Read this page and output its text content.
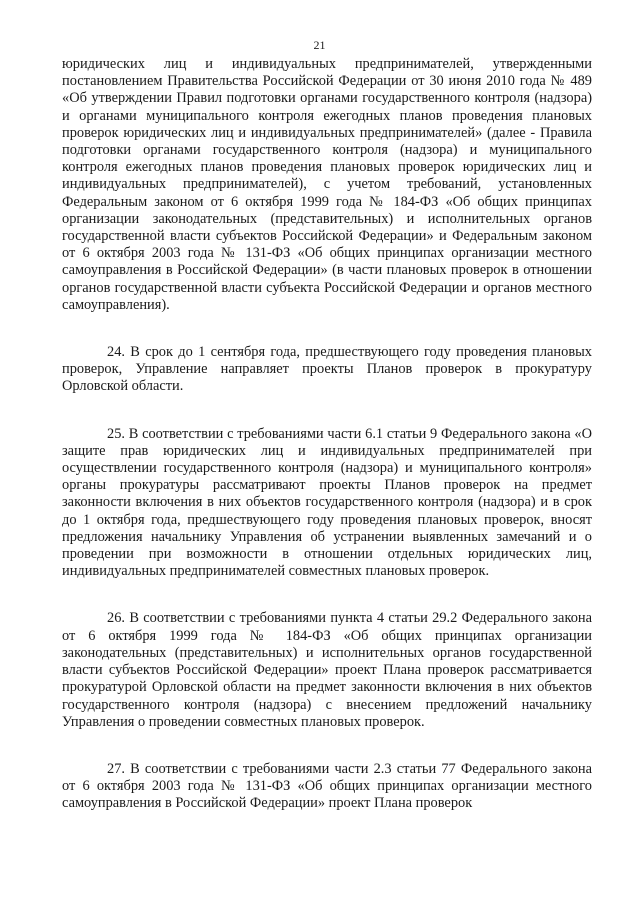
21

юридических лиц и индивидуальных предпринимателей, утвержденными постановлением Правительства Российской Федерации от 30 июня 2010 года № 489 «Об утверждении Правил подготовки органами государственного контроля (надзора) и органами муниципального контроля ежегодных планов проведения плановых проверок юридических лиц и индивидуальных предпринимателей» (далее - Правила подготовки органами государственного контроля (надзора) и муниципального контроля ежегодных планов проведения плановых проверок юридических лиц и индивидуальных предпринимателей), с учетом требований, установленных Федеральным законом от 6 октября 1999 года № 184-ФЗ «Об общих принципах организации законодательных (представительных) и исполнительных органов государственной власти субъектов Российской Федерации» и Федеральным законом от 6 октября 2003 года № 131-ФЗ «Об общих принципах организации местного самоуправления в Российской Федерации» (в части плановых проверок в отношении органов государственной власти субъекта Российской Федерации и органов местного самоуправления).

24. В срок до 1 сентября года, предшествующего году проведения плановых проверок, Управление направляет проекты Планов проверок в прокуратуру Орловской области.

25. В соответствии с требованиями части 6.1 статьи 9 Федерального закона «О защите прав юридических лиц и индивидуальных предпринимателей при осуществлении государственного контроля (надзора) и муниципального контроля» органы прокуратуры рассматривают проекты Планов проверок на предмет законности включения в них объектов государственного контроля (надзора) и в срок до 1 октября года, предшествующего году проведения плановых проверок, вносят предложения начальнику Управления об устранении выявленных замечаний и о проведении при возможности в отношении отдельных юридических лиц, индивидуальных предпринимателей совместных плановых проверок.

26. В соответствии с требованиями пункта 4 статьи 29.2 Федерального закона от 6 октября 1999 года № 184-ФЗ «Об общих принципах организации законодательных (представительных) и исполнительных органов государственной власти субъектов Российской Федерации» проект Плана проверок рассматривается прокуратурой Орловской области на предмет законности включения в них объектов государственного контроля (надзора) с внесением предложений начальнику Управления о проведении совместных плановых проверок.

27. В соответствии с требованиями части 2.3 статьи 77 Федерального закона от 6 октября 2003 года № 131-ФЗ «Об общих принципах организации местного самоуправления в Российской Федерации» проект Плана проверок
